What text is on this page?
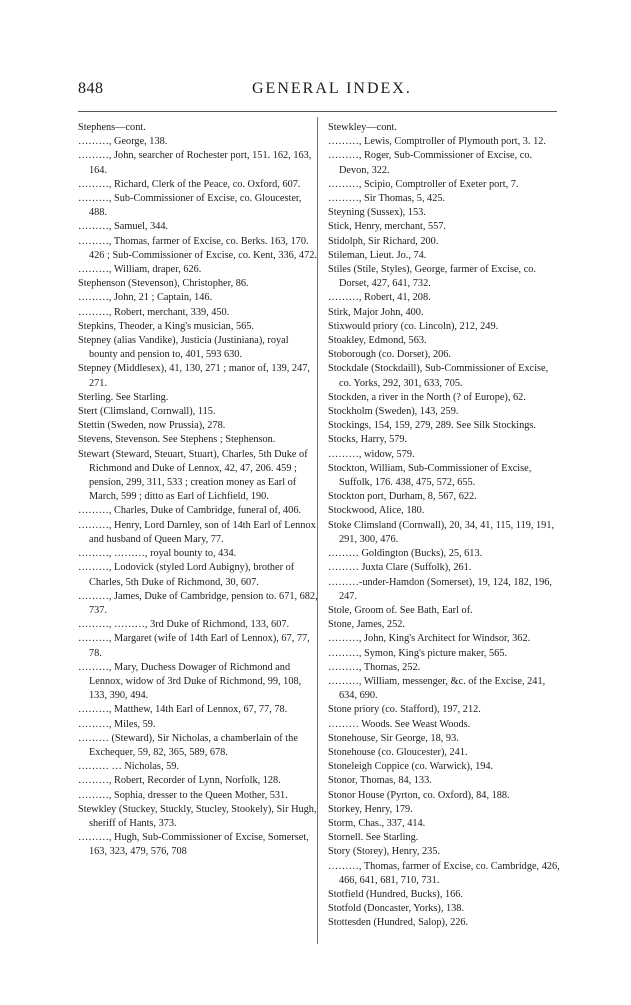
848	GENERAL INDEX.

Stephens—cont.

………, George, 138.

………, John, searcher of Rochester port, 151. 162, 163, 164.

………, Richard, Clerk of the Peace, co. Oxford, 607.

………, Sub-Commissioner of Excise, co. Gloucester, 488.

………, Samuel, 344.

………, Thomas, farmer of Excise, co. Berks. 163, 170. 426 ; Sub-Commissioner of Excise, co. Kent, 336, 472.

………, William, draper, 626.

Stephenson (Stevenson), Christopher, 86.

………, John, 21 ; Captain, 146.

………, Robert, merchant, 339, 450.

Stepkins, Theoder, a King's musician, 565.

Stepney (alias Vandike), Justicia (Justiniana), royal bounty and pension to, 401, 593 630.

Stepney (Middlesex), 41, 130, 271 ; manor of, 139, 247, 271.

Sterling. See Starling.

Stert (Climsland, Cornwall), 115.

Stettin (Sweden, now Prussia), 278.

Stevens, Stevenson. See Stephens ; Stephenson.

Stewart (Steward, Steuart, Stuart), Charles, 5th Duke of Richmond and Duke of Lennox, 42, 47, 206. 459 ; pension, 299, 311, 533 ; creation money as Earl of March, 599 ; ditto as Earl of Lichfield, 190.

………, Charles, Duke of Cambridge, funeral of, 406.

………, Henry, Lord Darnley, son of 14th Earl of Lennox and husband of Queen Mary, 77.

………, ………, royal bounty to, 434.

………, Lodovick (styled Lord Aubigny), brother of Charles, 5th Duke of Richmond, 30, 607.

………, James, Duke of Cambridge, pension to. 671, 682, 737.

………, ………, 3rd Duke of Richmond, 133, 607.

………, Margaret (wife of 14th Earl of Lennox), 67, 77, 78.

………, Mary, Duchess Dowager of Richmond and Lennox, widow of 3rd Duke of Richmond, 99, 108, 133, 390, 494.

………, Matthew, 14th Earl of Lennox, 67, 77, 78.

………, Miles, 59.

……… (Steward), Sir Nicholas, a chamberlain of the Exchequer, 59, 82, 365, 589, 678.

……… … Nicholas, 59.

………, Robert, Recorder of Lynn, Norfolk, 128.

………, Sophia, dresser to the Queen Mother, 531.

Stewkley (Stuckey, Stuckly, Stucley, Stookely), Sir Hugh, sheriff of Hants, 373.

………, Hugh, Sub-Commissioner of Excise, Somerset, 163, 323, 479, 576, 708

Stewkley—cont.

………, Lewis, Comptroller of Plymouth port, 3. 12.

………, Roger, Sub-Commissioner of Excise, co. Devon, 322.

………, Scipio, Comptroller of Exeter port, 7.

………, Sir Thomas, 5, 425.

Steyning (Sussex), 153.

Stick, Henry, merchant, 557.

Stidolph, Sir Richard, 200.

Stileman, Lieut. Jo., 74.

Stiles (Stile, Styles), George, farmer of Excise, co. Dorset, 427, 641, 732.

………, Robert, 41, 208.

Stirk, Major John, 400.

Stixwould priory (co. Lincoln), 212, 249.

Stoakley, Edmond, 563.

Stoborough (co. Dorset), 206.

Stockdale (Stockdaill), Sub-Commissioner of Excise, co. Yorks, 292, 301, 633, 705.

Stockden, a river in the North (? of Europe), 62.

Stockholm (Sweden), 143, 259.

Stockings, 154, 159, 279, 289. See Silk Stockings.

Stocks, Harry, 579.

………, widow, 579.

Stockton, William, Sub-Commissioner of Excise, Suffolk, 176. 438, 475, 572, 655.

Stockton port, Durham, 8, 567, 622.

Stockwood, Alice, 180.

Stoke Climsland (Cornwall), 20, 34, 41, 115, 119, 191, 291, 300, 476.

……… Goldington (Bucks), 25, 613.

……… Juxta Clare (Suffolk), 261.

………-under-Hamdon (Somerset), 19, 124, 182, 196, 247.

Stole, Groom of. See Bath, Earl of.

Stone, James, 252.

………, John, King's Architect for Windsor, 362.

………, Symon, King's picture maker, 565.

………, Thomas, 252.

………, William, messenger, &c. of the Excise, 241, 634, 690.

Stone priory (co. Stafford), 197, 212.

……… Woods. See Weast Woods.

Stonehouse, Sir George, 18, 93.

Stonehouse (co. Gloucester), 241.

Stoneleigh Coppice (co. Warwick), 194.

Stonor, Thomas, 84, 133.

Stonor House (Pyrton, co. Oxford), 84, 188.

Storkey, Henry, 179.

Storm, Chas., 337, 414.

Stornell. See Starling.

Story (Storey), Henry, 235.

………, Thomas, farmer of Excise, co. Cambridge, 426, 466, 641, 681, 710, 731.

Stotfield (Hundred, Bucks), 166.

Stotfold (Doncaster, Yorks), 138.

Stottesden (Hundred, Salop), 226.
